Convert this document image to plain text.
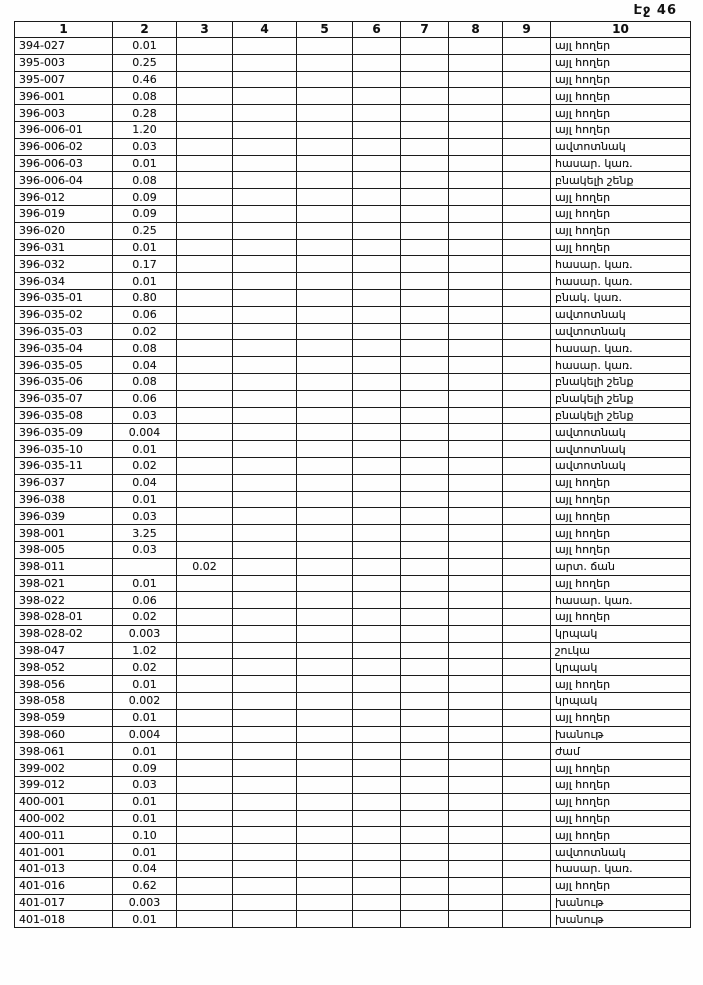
Էջ 46
1	2	3	4	5	6	7	8	9	10
394-027	0.01								այլ հողեր
395-003	0.25								այլ հողեր
395-007	0.46								այլ հողեր
396-001	0.08								այլ հողեր
396-003	0.28								այլ հողեր
396-006-01	1.20								այլ հողեր
396-006-02	0.03								ավտոտնակ
396-006-03	0.01								հասար. կառ.
396-006-04	0.08								բնակելի շենք
396-012	0.09								այլ հողեր
396-019	0.09								այլ հողեր
396-020	0.25								այլ հողեր
396-031	0.01								այլ հողեր
396-032	0.17								հասար. կառ.
396-034	0.01								հասար. կառ.
396-035-01	0.80								բնակ. կառ.
396-035-02	0.06								ավտոտնակ
396-035-03	0.02								ավտոտնակ
396-035-04	0.08								հասար. կառ.
396-035-05	0.04								հասար. կառ.
396-035-06	0.08								բնակելի շենք
396-035-07	0.06								բնակելի շենք
396-035-08	0.03								բնակելի շենք
396-035-09	0.004								ավտոտնակ
396-035-10	0.01								ավտոտնակ
396-035-11	0.02								ավտոտնակ
396-037	0.04								այլ հողեր
396-038	0.01								այլ հողեր
396-039	0.03								այլ հողեր
398-001	3.25								այլ հողեր
398-005	0.03								այլ հողեր
398-011		0.02							արտ. ճան
398-021	0.01								այլ հողեր
398-022	0.06								հասար. կառ.
398-028-01	0.02								այլ հողեր
398-028-02	0.003								կրպակ
398-047	1.02								շուկա
398-052	0.02								կրպակ
398-056	0.01								այլ հողեր
398-058	0.002								կրպակ
398-059	0.01								այլ հողեր
398-060	0.004								խանութ
398-061	0.01								ժամ
399-002	0.09								այլ հողեր
399-012	0.03								այլ հողեր
400-001	0.01								այլ հողեր
400-002	0.01								այլ հողեր
400-011	0.10								այլ հողեր
401-001	0.01								ավտոտնակ
401-013	0.04								հասար. կառ.
401-016	0.62								այլ հողեր
401-017	0.003								խանութ
401-018	0.01								խանութ
